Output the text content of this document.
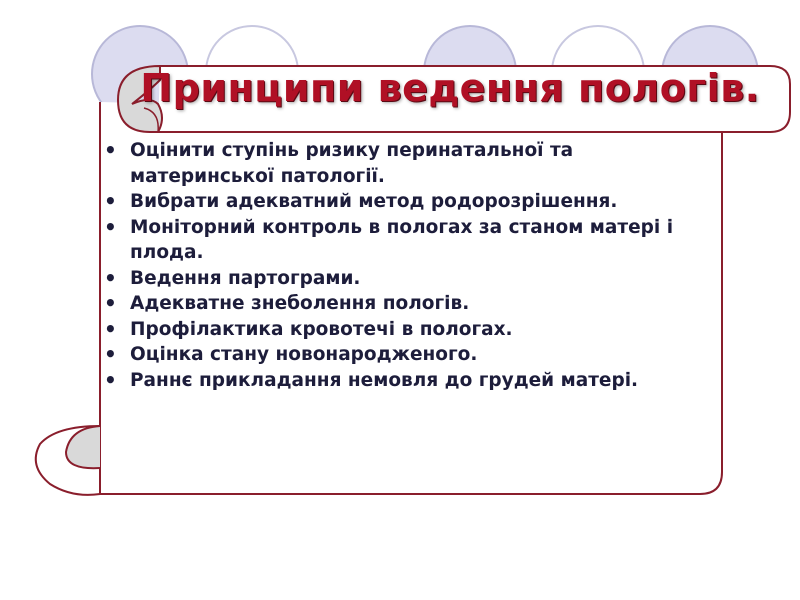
Принципи ведення пологів.
• Оцінити ступінь ризику перинатальної та материнської патології.
• Вибрати адекватний метод родорозрішення.
• Моніторний контроль в пологах за станом матері і плода.
• Ведення партограми.
• Адекватне знеболення пологів.
• Профілактика кровотечі в пологах.
• Оцінка стану новонародженого.
• Раннє прикладання немовля до грудей матері.
